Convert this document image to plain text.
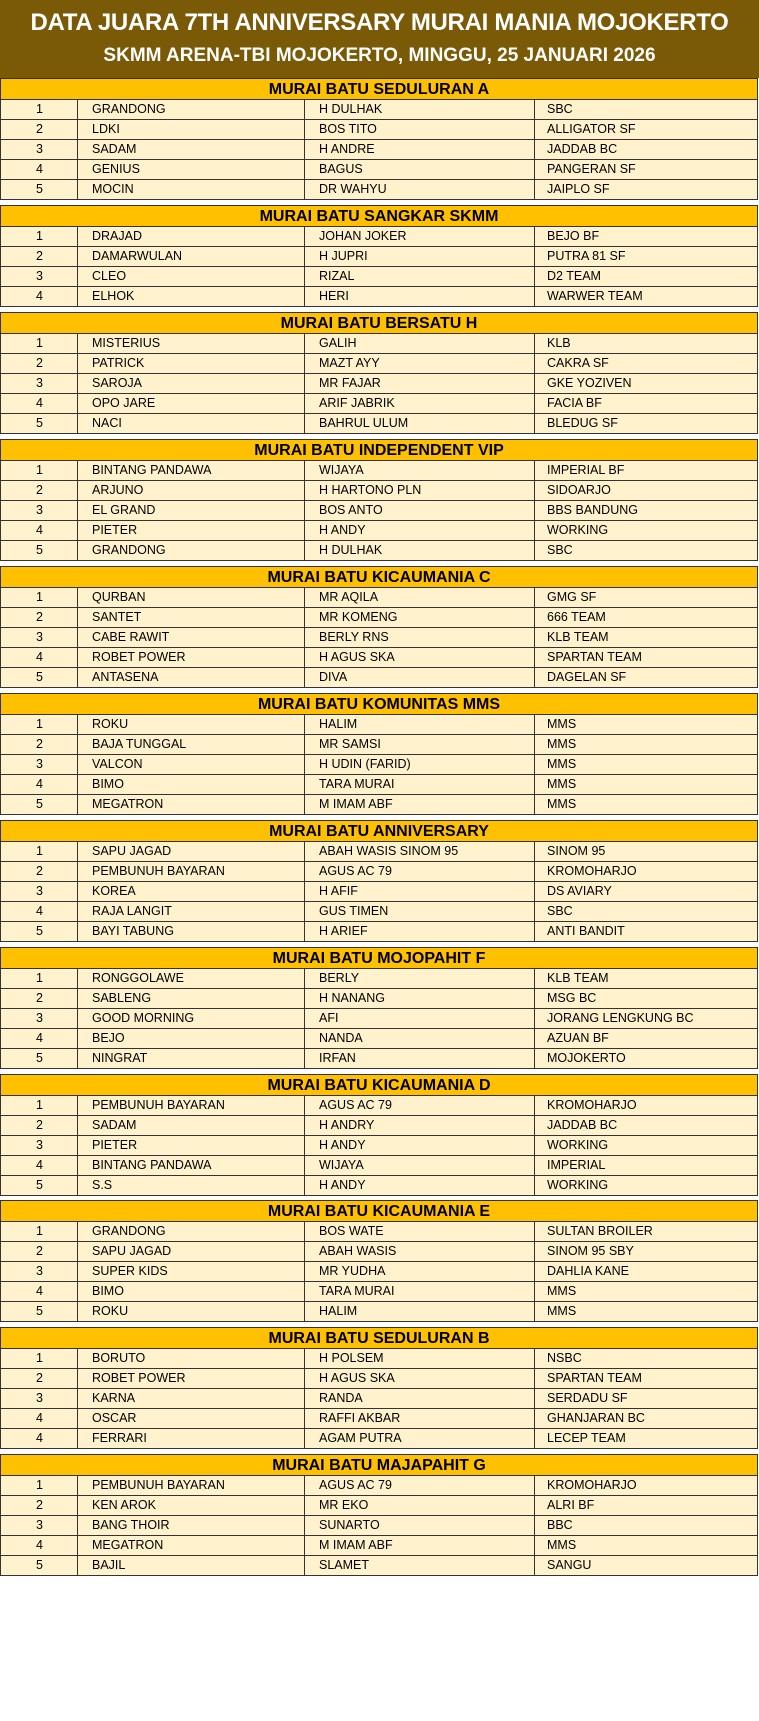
DATA JUARA 7TH ANNIVERSARY MURAI MANIA MOJOKERTO
SKMM ARENA-TBI MOJOKERTO, MINGGU, 25 JANUARI 2026
MURAI BATU SEDULURAN A
1	GRANDONG	H DULHAK	SBC
2	LDKI	BOS TITO	ALLIGATOR SF
3	SADAM	H ANDRE	JADDAB BC
4	GENIUS	BAGUS	PANGERAN SF
5	MOCIN	DR WAHYU	JAIPLO SF
MURAI BATU SANGKAR SKMM
1	DRAJAD	JOHAN JOKER	BEJO BF
2	DAMARWULAN	H JUPRI	PUTRA 81 SF
3	CLEO	RIZAL	D2 TEAM
4	ELHOK	HERI	WARWER TEAM
MURAI BATU BERSATU H
1	MISTERIUS	GALIH	KLB
2	PATRICK	MAZT AYY	CAKRA SF
3	SAROJA	MR FAJAR	GKE YOZIVEN
4	OPO JARE	ARIF JABRIK	FACIA BF
5	NACI	BAHRUL ULUM	BLEDUG SF
MURAI BATU INDEPENDENT VIP
1	BINTANG PANDAWA	WIJAYA	IMPERIAL BF
2	ARJUNO	H HARTONO PLN	SIDOARJO
3	EL GRAND	BOS ANTO	BBS BANDUNG
4	PIETER	H ANDY	WORKING
5	GRANDONG	H DULHAK	SBC
MURAI BATU KICAUMANIA C
1	QURBAN	MR AQILA	GMG SF
2	SANTET	MR KOMENG	666 TEAM
3	CABE RAWIT	BERLY RNS	KLB TEAM
4	ROBET POWER	H AGUS SKA	SPARTAN TEAM
5	ANTASENA	DIVA	DAGELAN SF
MURAI BATU KOMUNITAS MMS
1	ROKU	HALIM	MMS
2	BAJA TUNGGAL	MR SAMSI	MMS
3	VALCON	H UDIN (FARID)	MMS
4	BIMO	TARA MURAI	MMS
5	MEGATRON	M IMAM ABF	MMS
MURAI BATU ANNIVERSARY
1	SAPU JAGAD	ABAH WASIS SINOM 95	SINOM 95
2	PEMBUNUH BAYARAN	AGUS AC 79	KROMOHARJO
3	KOREA	H AFIF	DS AVIARY
4	RAJA LANGIT	GUS TIMEN	SBC
5	BAYI TABUNG	H ARIEF	ANTI BANDIT
MURAI BATU MOJOPAHIT F
1	RONGGOLAWE	BERLY	KLB TEAM
2	SABLENG	H NANANG	MSG BC
3	GOOD MORNING	AFI	JORANG LENGKUNG BC
4	BEJO	NANDA	AZUAN BF
5	NINGRAT	IRFAN	MOJOKERTO
MURAI BATU KICAUMANIA D
1	PEMBUNUH BAYARAN	AGUS AC 79	KROMOHARJO
2	SADAM	H ANDRY	JADDAB BC
3	PIETER	H ANDY	WORKING
4	BINTANG PANDAWA	WIJAYA	IMPERIAL
5	S.S	H ANDY	WORKING
MURAI BATU KICAUMANIA E
1	GRANDONG	BOS WATE	SULTAN BROILER
2	SAPU JAGAD	ABAH WASIS	SINOM 95 SBY
3	SUPER KIDS	MR YUDHA	DAHLIA KANE
4	BIMO	TARA MURAI	MMS
5	ROKU	HALIM	MMS
MURAI BATU SEDULURAN B
1	BORUTO	H POLSEM	NSBC
2	ROBET POWER	H AGUS SKA	SPARTAN TEAM
3	KARNA	RANDA	SERDADU SF
4	OSCAR	RAFFI AKBAR	GHANJARAN BC
4	FERRARI	AGAM PUTRA	LECEP TEAM
MURAI BATU MAJAPAHIT G
1	PEMBUNUH BAYARAN	AGUS AC 79	KROMOHARJO
2	KEN AROK	MR EKO	ALRI BF
3	BANG THOIR	SUNARTO	BBC
4	MEGATRON	M IMAM ABF	MMS
5	BAJIL	SLAMET	SANGU
